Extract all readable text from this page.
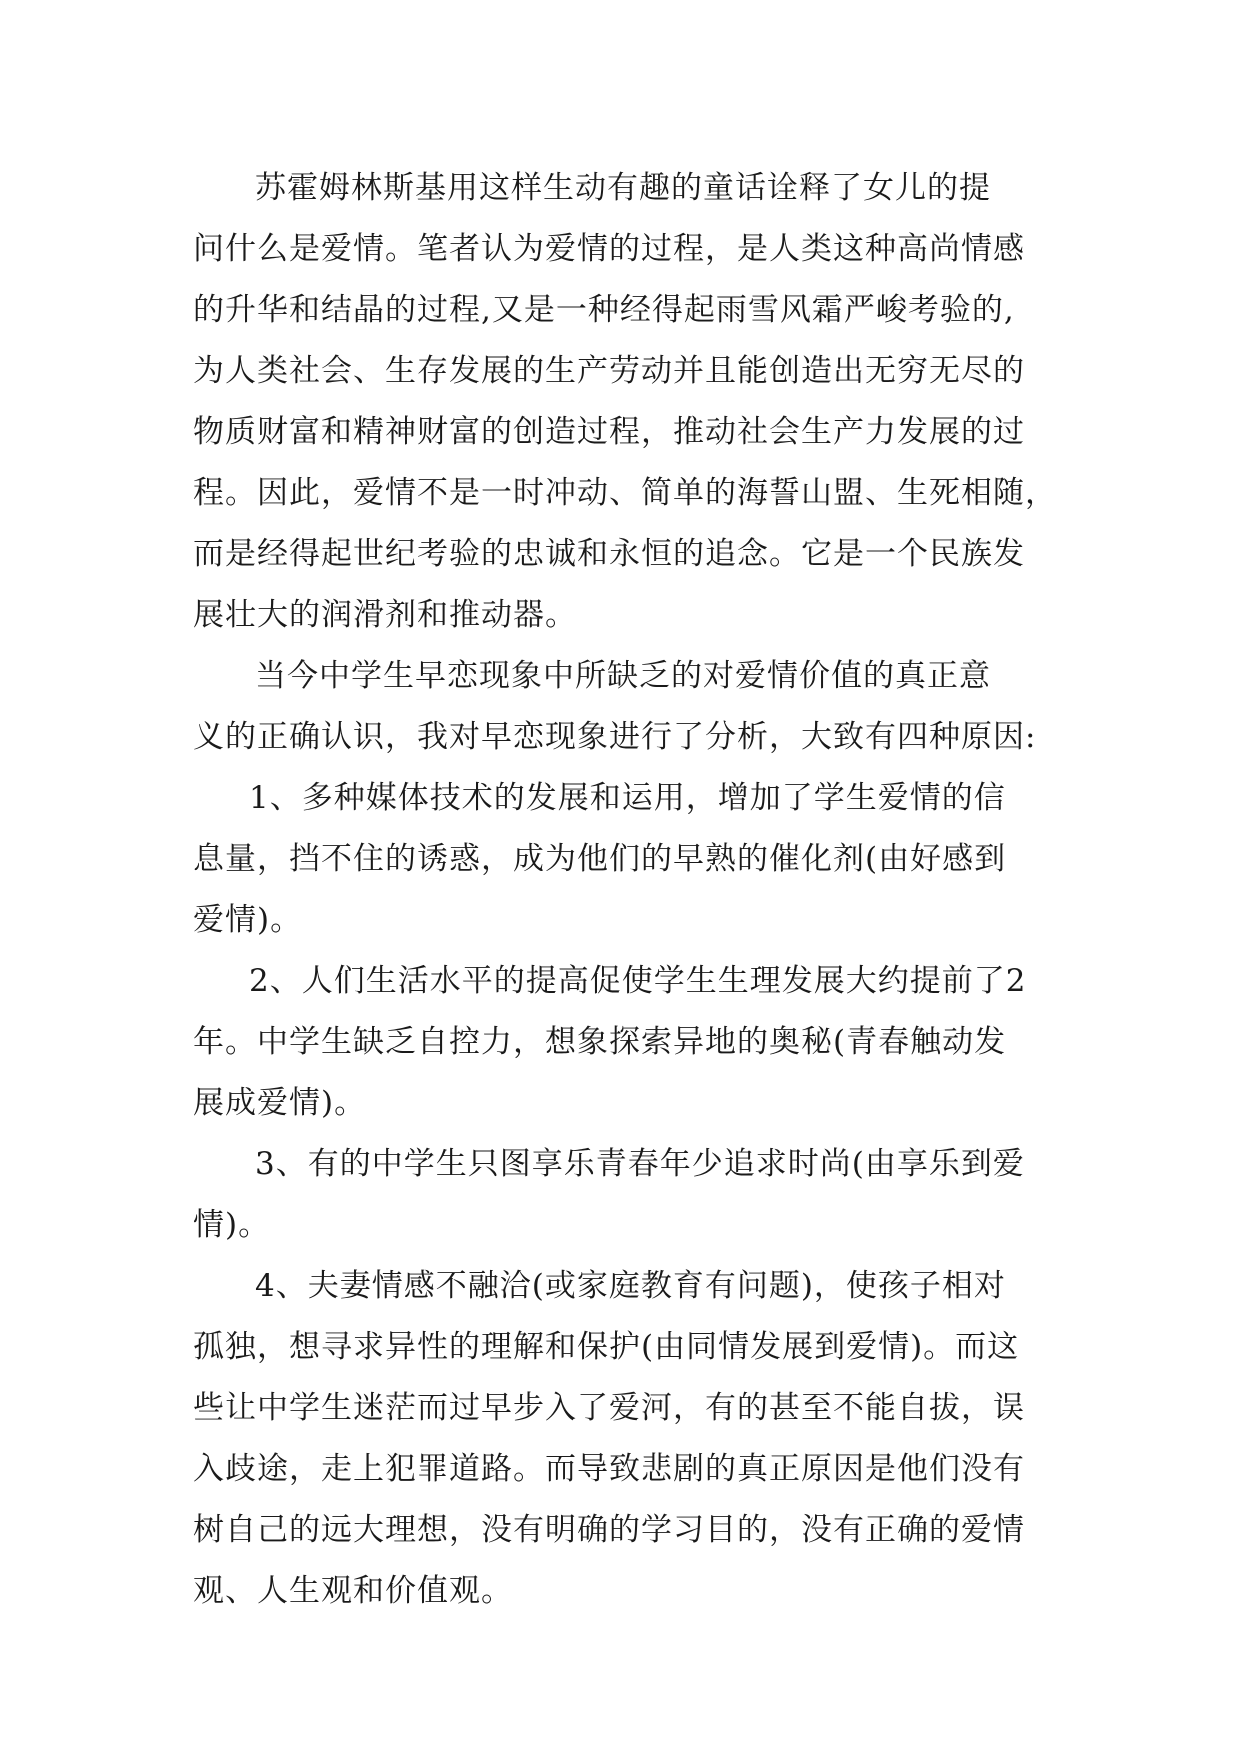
苏霍姆林斯基用这样生动有趣的童话诠释了女儿的提
问什么是爱情。笔者认为爱情的过程，是人类这种高尚情感
的升华和结晶的过程,又是一种经得起雨雪风霜严峻考验的,
为人类社会、生存发展的生产劳动并且能创造出无穷无尽的
物质财富和精神财富的创造过程，推动社会生产力发展的过
程。因此，爱情不是一时冲动、简单的海誓山盟、生死相随，
而是经得起世纪考验的忠诚和永恒的追念。它是一个民族发
展壮大的润滑剂和推动器。
当今中学生早恋现象中所缺乏的对爱情价值的真正意
义的正确认识，我对早恋现象进行了分析，大致有四种原因:
1、多种媒体技术的发展和运用，增加了学生爱情的信
息量，挡不住的诱惑，成为他们的早熟的催化剂(由好感到
爱情)。
2、人们生活水平的提高促使学生生理发展大约提前了2
年。中学生缺乏自控力，想象探索异地的奥秘(青春触动发
展成爱情)。
3、有的中学生只图享乐青春年少追求时尚(由享乐到爱
情)。
4、夫妻情感不融洽(或家庭教育有问题)，使孩子相对
孤独，想寻求异性的理解和保护(由同情发展到爱情)。而这
些让中学生迷茫而过早步入了爱河，有的甚至不能自拔，误
入歧途，走上犯罪道路。而导致悲剧的真正原因是他们没有
树自己的远大理想，没有明确的学习目的，没有正确的爱情
观、人生观和价值观。
